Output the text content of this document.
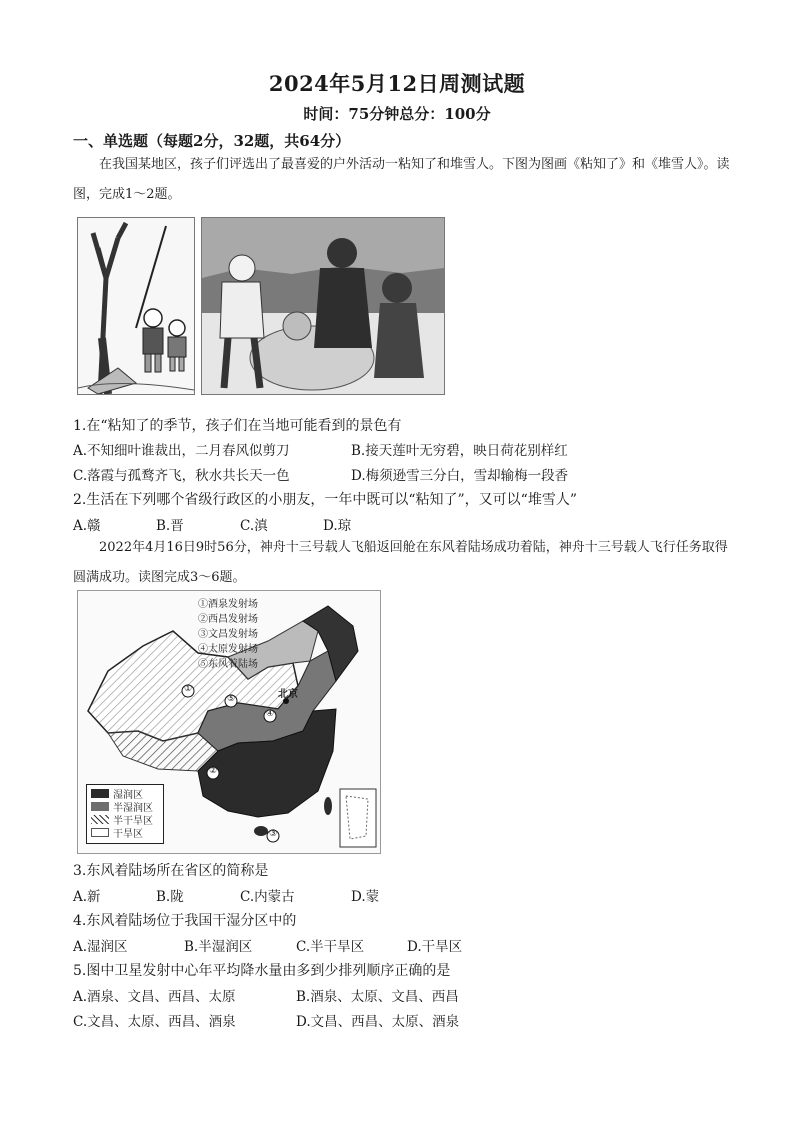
2024年5月12日周测试题
时间：75分钟总分：100分
一、单选题（每题2分，32题，共64分）
在我国某地区，孩子们评选出了最喜爱的户外活动一粘知了和堆雪人。下图为图画《粘知了》和《堆雪人》。读图，完成1～2题。
1.在“粘知了的季节，孩子们在当地可能看到的景色有
A.不知细叶谁裁出，二月春风似剪刀	B.接天莲叶无穷碧，映日荷花别样红
C.落霞与孤鹜齐飞，秋水共长天一色	D.梅须逊雪三分白，雪却输梅一段香
2.生活在下列哪个省级行政区的小朋友，一年中既可以“粘知了”，又可以“堆雪人”
A.赣	B.晋	C.滇	D.琼
2022年4月16日9时56分，神舟十三号载人飞船返回舱在东风着陆场成功着陆，神舟十三号载人飞行任务取得圆满成功。读图完成3～6题。
①
②
③
④
⑤	北京
①酒泉发射场
②西昌发射场
③文昌发射场
④太原发射场
⑤东风着陆场
湿润区
半湿润区
半干旱区
干旱区
3.东风着陆场所在省区的简称是
A.新	B.陇	C.内蒙古	D.蒙
4.东风着陆场位于我国干湿分区中的
A.湿润区	B.半湿润区	C.半干旱区	D.干旱区
5.图中卫星发射中心年平均降水量由多到少排列顺序正确的是
A.酒泉、文昌、西昌、太原	B.酒泉、太原、文昌、西昌
C.文昌、太原、西昌、酒泉	D.文昌、西昌、太原、酒泉
